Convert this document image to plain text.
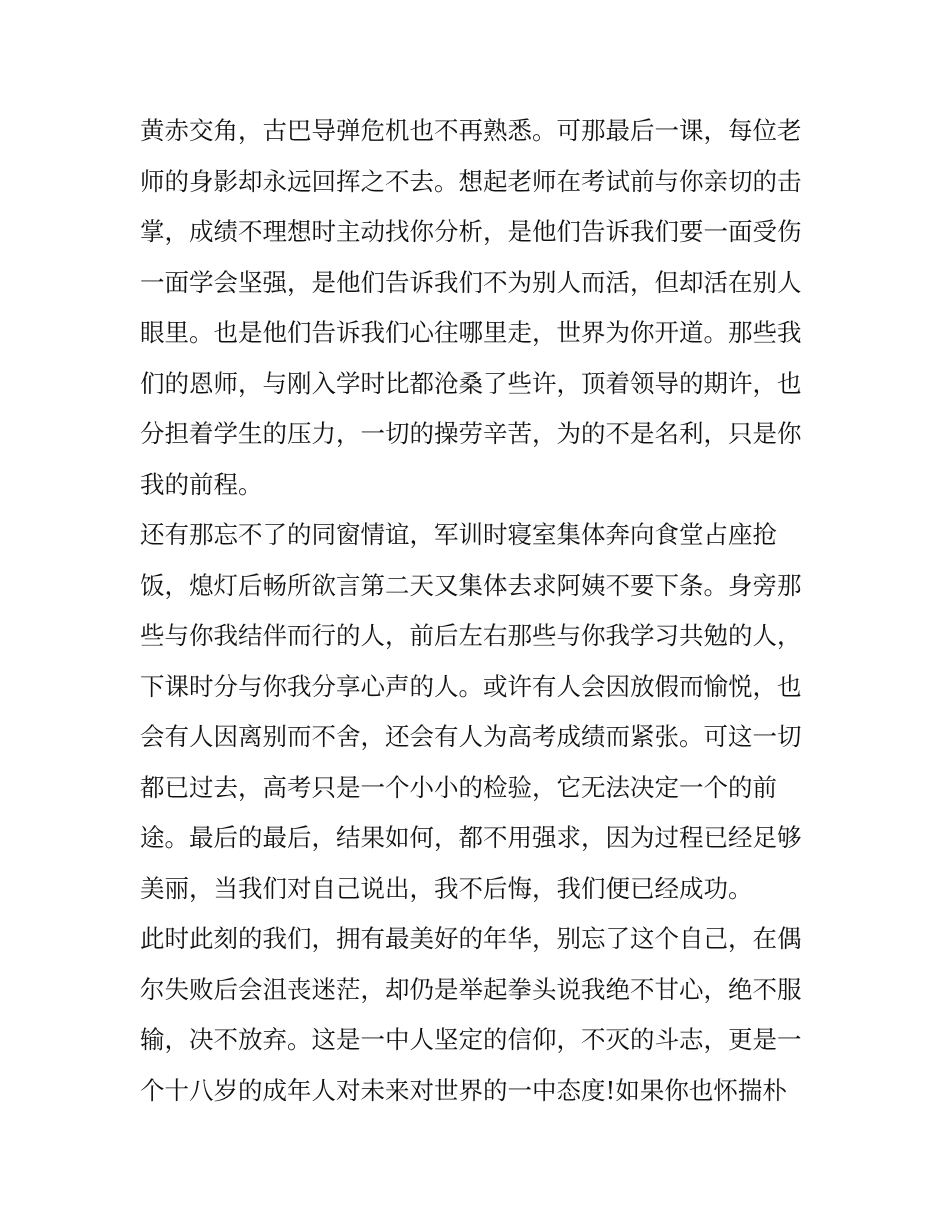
黄赤交角，古巴导弹危机也不再熟悉。可那最后一课，每位老
师的身影却永远回挥之不去。想起老师在考试前与你亲切的击
掌，成绩不理想时主动找你分析，是他们告诉我们要一面受伤
一面学会坚强，是他们告诉我们不为别人而活，但却活在别人
眼里。也是他们告诉我们心往哪里走，世界为你开道。那些我
们的恩师，与刚入学时比都沧桑了些许，顶着领导的期许，也
分担着学生的压力，一切的操劳辛苦，为的不是名利，只是你
我的前程。
还有那忘不了的同窗情谊，军训时寝室集体奔向食堂占座抢
饭，熄灯后畅所欲言第二天又集体去求阿姨不要下条。身旁那
些与你我结伴而行的人，前后左右那些与你我学习共勉的人，
下课时分与你我分享心声的人。或许有人会因放假而愉悦，也
会有人因离别而不舍，还会有人为高考成绩而紧张。可这一切
都已过去，高考只是一个小小的检验，它无法决定一个的前
途。最后的最后，结果如何，都不用强求，因为过程已经足够
美丽，当我们对自己说出，我不后悔，我们便已经成功。
此时此刻的我们，拥有最美好的年华，别忘了这个自己，在偶
尔失败后会沮丧迷茫，却仍是举起拳头说我绝不甘心，绝不服
输，决不放弃。这是一中人坚定的信仰，不灭的斗志，更是一
个十八岁的成年人对未来对世界的一中态度!如果你也怀揣朴
